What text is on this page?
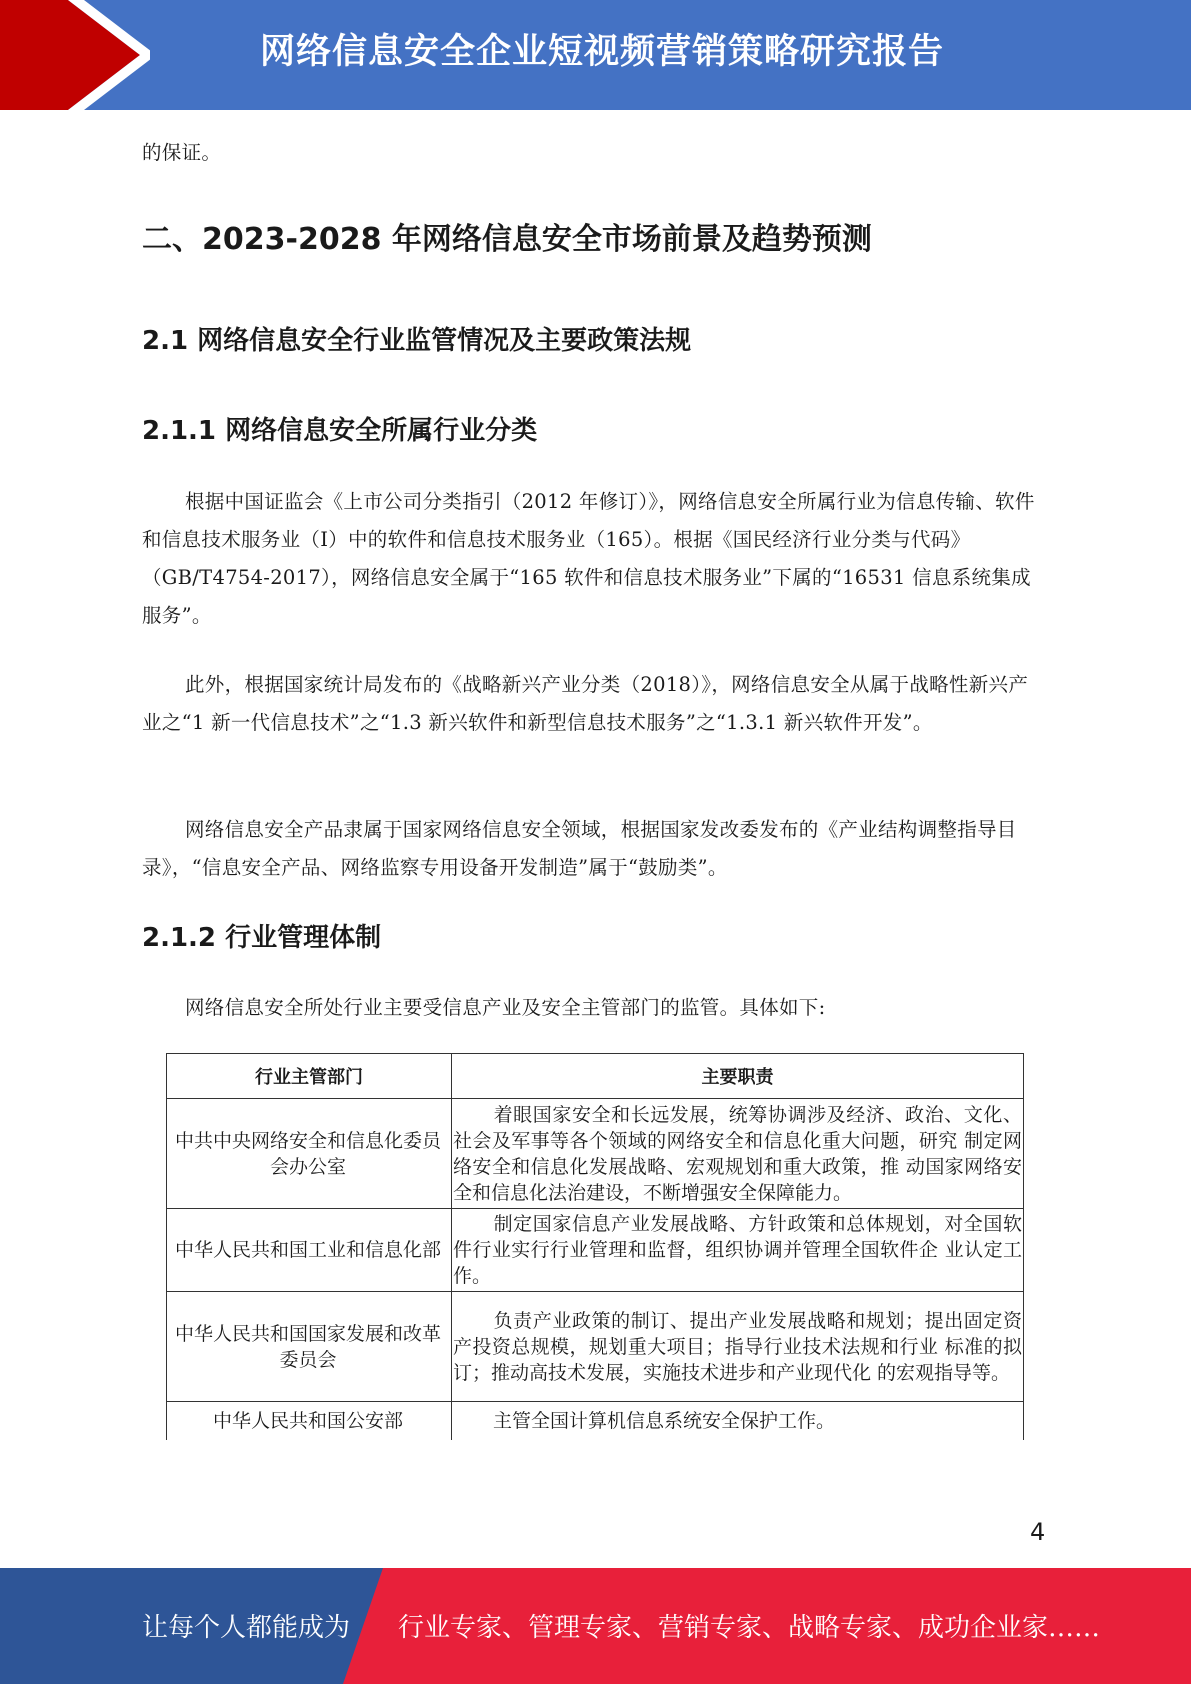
网络信息安全企业短视频营销策略研究报告

的保证。

二、2023-2028 年网络信息安全市场前景及趋势预测
2.1 网络信息安全行业监管情况及主要政策法规
2.1.1 网络信息安全所属行业分类

根据中国证监会《上市公司分类指引（2012 年修订）》，网络信息安全所属行业为信息传输、软件和信息技术服务业（I）中的软件和信息技术服务业（165）。根据《国民经济行业分类与代码》（GB/T4754-2017），网络信息安全属于“165 软件和信息技术服务业”下属的“16531 信息系统集成服务”。

此外，根据国家统计局发布的《战略新兴产业分类（2018）》，网络信息安全从属于战略性新兴产业之“1 新一代信息技术”之“1.3 新兴软件和新型信息技术服务”之“1.3.1 新兴软件开发”。

网络信息安全产品隶属于国家网络信息安全领域，根据国家发改委发布的《产业结构调整指导目录》，“信息安全产品、网络监察专用设备开发制造”属于“鼓励类”。

2.1.2 行业管理体制

网络信息安全所处行业主要受信息产业及安全主管部门的监管。具体如下:

行业主管部门	主要职责
中共中央网络安全和信息化委员会办公室	着眼国家安全和长远发展，统筹协调涉及经济、政治、文化、社会及军事等各个领域的网络安全和信息化重大问题，研究 制定网络安全和信息化发展战略、宏观规划和重大政策，推 动国家网络安全和信息化法治建设，不断增强安全保障能力。
中华人民共和国工业和信息化部	制定国家信息产业发展战略、方针政策和总体规划，对全国软件行业实行行业管理和监督，组织协调并管理全国软件企 业认定工作。
中华人民共和国国家发展和改革委员会	负责产业政策的制订、提出产业发展战略和规划；提出固定资产投资总规模，规划重大项目；指导行业技术法规和行业 标准的拟订；推动高技术发展，实施技术进步和产业现代化 的宏观指导等。
中华人民共和国公安部	主管全国计算机信息系统安全保护工作。
4
让每个人都能成为 行业专家、管理专家、营销专家、战略专家、成功企业家……
